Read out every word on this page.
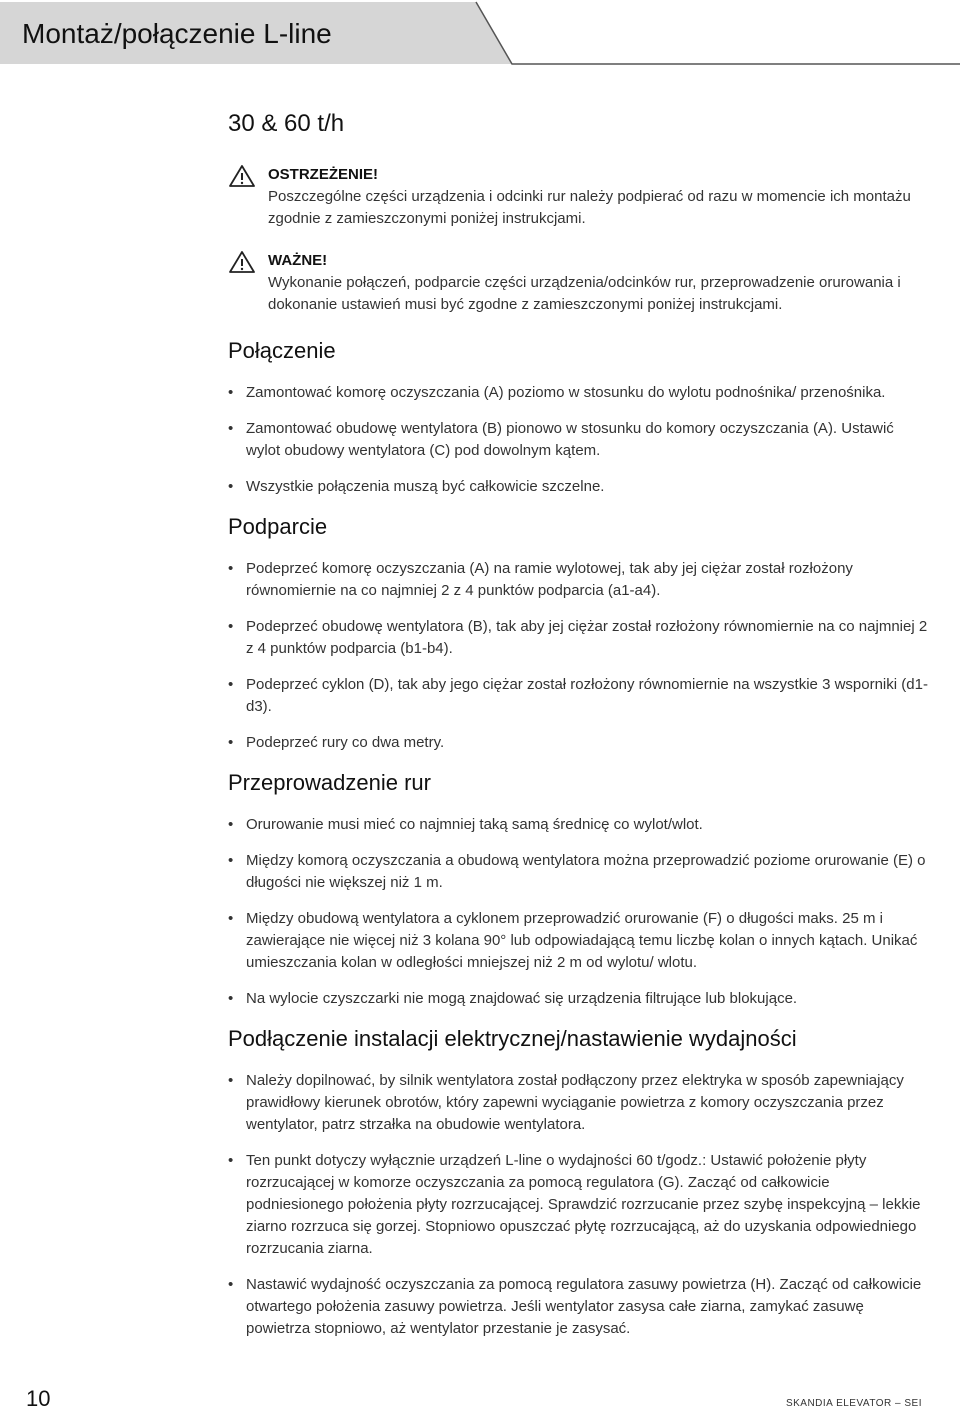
Montaż/połączenie L-line
30 & 60 t/h
OSTRZEŻENIE!
Poszczególne części urządzenia i odcinki rur należy podpierać od razu w momencie ich montażu zgodnie z zamieszczonymi poniżej instrukcjami.
WAŻNE!
Wykonanie połączeń, podparcie części urządzenia/odcinków rur, przeprowadzenie orurowania i dokonanie ustawień musi być zgodne z zamieszczonymi poniżej instrukcjami.
Połączenie
• Zamontować komorę oczyszczania (A) poziomo w stosunku do wylotu podnośnika/ przenośnika.
• Zamontować obudowę wentylatora (B) pionowo w stosunku do komory oczyszczania (A). Ustawić wylot obudowy wentylatora (C) pod dowolnym kątem.
• Wszystkie połączenia muszą być całkowicie szczelne.
Podparcie
• Podeprzeć komorę oczyszczania (A) na ramie wylotowej, tak aby jej ciężar został rozłożony równomiernie na co najmniej 2 z 4 punktów podparcia (a1-a4).
• Podeprzeć obudowę wentylatora (B), tak aby jej ciężar został rozłożony równomiernie na co najmniej 2 z 4 punktów podparcia (b1-b4).
• Podeprzeć cyklon (D), tak aby jego ciężar został rozłożony równomiernie na wszystkie 3 wsporniki (d1-d3).
• Podeprzeć rury co dwa metry.
Przeprowadzenie rur
• Orurowanie musi mieć co najmniej taką samą średnicę co wylot/wlot.
• Między komorą oczyszczania a obudową wentylatora można przeprowadzić poziome orurowanie (E) o długości nie większej niż 1 m.
• Między obudową wentylatora a cyklonem przeprowadzić orurowanie (F) o długości maks. 25 m i zawierające nie więcej niż 3 kolana 90° lub odpowiadającą temu liczbę kolan o innych kątach. Unikać umieszczania kolan w odległości mniejszej niż 2 m od wylotu/ wlotu.
• Na wylocie czyszczarki nie mogą znajdować się urządzenia filtrujące lub blokujące.
Podłączenie instalacji elektrycznej/nastawienie wydajności
• Należy dopilnować, by silnik wentylatora został podłączony przez elektryka w sposób zapewniający prawidłowy kierunek obrotów, który zapewni wyciąganie powietrza z komory oczyszczania przez wentylator, patrz strzałka na obudowie wentylatora.
• Ten punkt dotyczy wyłącznie urządzeń L-line o wydajności 60 t/godz.: Ustawić położenie płyty rozrzucającej w komorze oczyszczania za pomocą regulatora (G). Zacząć od całkowicie podniesionego położenia płyty rozrzucającej. Sprawdzić rozrzucanie przez szybę inspekcyjną – lekkie ziarno rozrzuca się gorzej. Stopniowo opuszczać płytę rozrzucającą, aż do uzyskania odpowiedniego rozrzucania ziarna.
• Nastawić wydajność oczyszczania za pomocą regulatora zasuwy powietrza (H). Zacząć od całkowicie otwartego położenia zasuwy powietrza. Jeśli wentylator zasysa całe ziarna, zamykać zasuwę powietrza stopniowo, aż wentylator przestanie je zasysać.
10	SKANDIA ELEVATOR – SEI
